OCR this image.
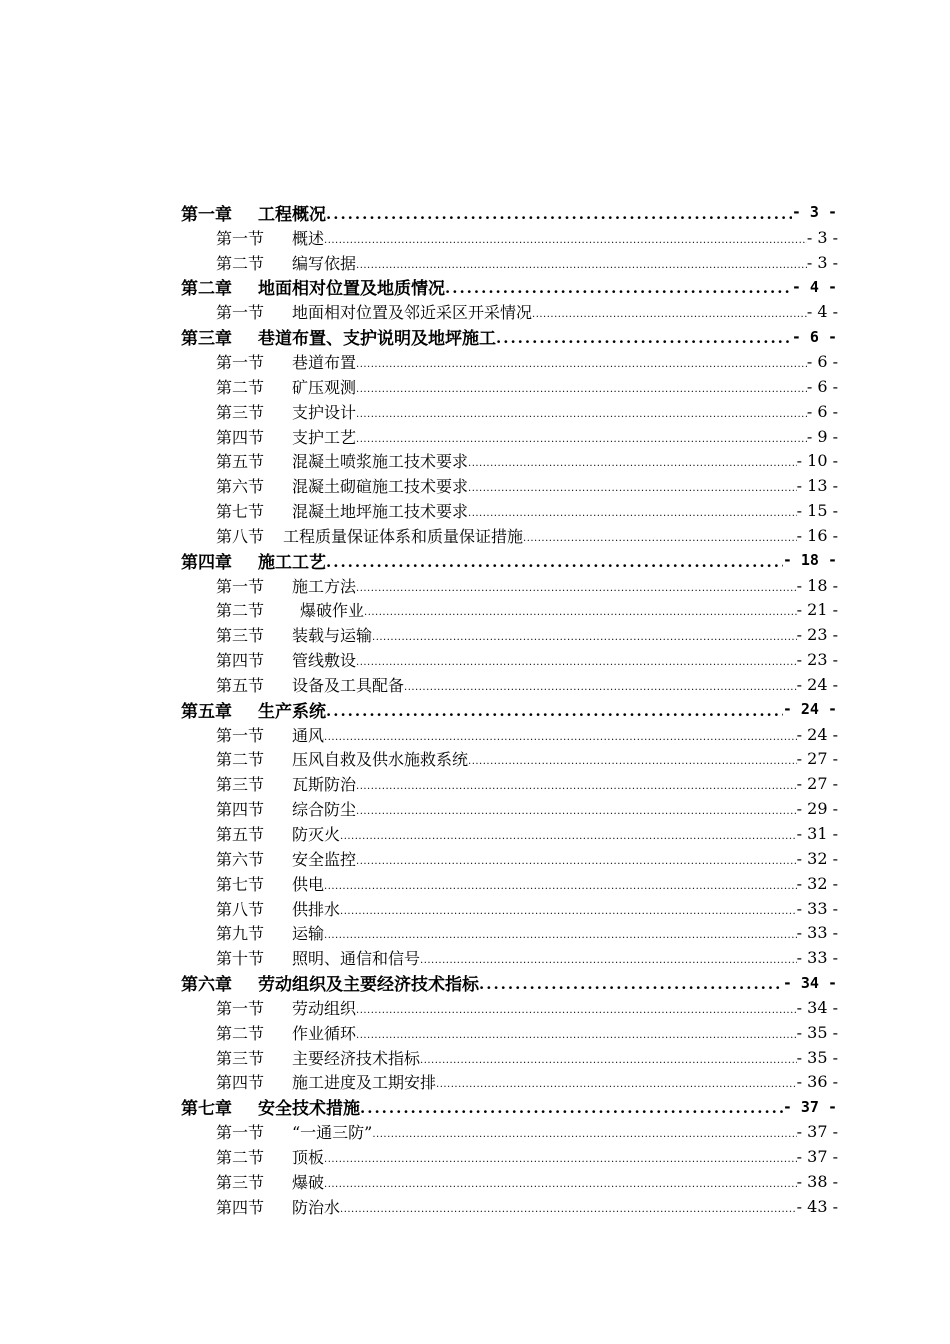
第一章	工程概况 .....	- 3 -
第一节	概述 .....	- 3 -
第二节	编写依据 .....	- 3 -
第二章	地面相对位置及地质情况 .....	- 4 -
第一节	地面相对位置及邻近采区开采情况 .....	- 4 -
第三章	巷道布置、支护说明及地坪施工 .....	- 6 -
第一节	巷道布置 .....	- 6 -
第二节	矿压观测 .....	- 6 -
第三节	支护设计 .....	- 6 -
第四节	支护工艺 .....	- 9 -
第五节	混凝土喷浆施工技术要求 .....	- 10 -
第六节	混凝土砌碹施工技术要求 .....	- 13 -
第七节	混凝土地坪施工技术要求 .....	- 15 -
第八节	工程质量保证体系和质量保证措施 .....	- 16 -
第四章	施工工艺 .....	- 18 -
第一节	施工方法 .....	- 18 -
第二节	爆破作业 .....	- 21 -
第三节	装载与运输 .....	- 23 -
第四节	管线敷设 .....	- 23 -
第五节	设备及工具配备 .....	- 24 -
第五章	生产系统 .....	- 24 -
第一节	通风 .....	- 24 -
第二节	压风自救及供水施救系统 .....	- 27 -
第三节	瓦斯防治 .....	- 27 -
第四节	综合防尘 .....	- 29 -
第五节	防灭火 .....	- 31 -
第六节	安全监控 .....	- 32 -
第七节	供电 .....	- 32 -
第八节	供排水 .....	- 33 -
第九节	运输 .....	- 33 -
第十节	照明、通信和信号 .....	- 33 -
第六章	劳动组织及主要经济技术指标 .....	- 34 -
第一节	劳动组织 .....	- 34 -
第二节	作业循环 .....	- 35 -
第三节	主要经济技术指标 .....	- 35 -
第四节	施工进度及工期安排 .....	- 36 -
第七章	安全技术措施 .....	- 37 -
第一节	“一通三防” .....	- 37 -
第二节	顶板 .....	- 37 -
第三节	爆破 .....	- 38 -
第四节	防治水 .....	- 43 -
